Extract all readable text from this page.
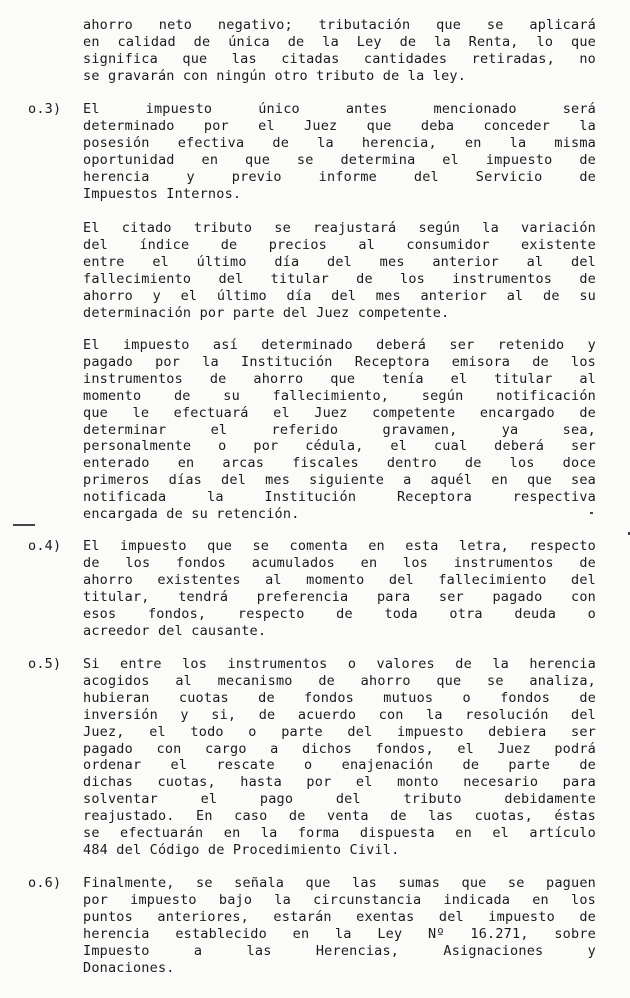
ahorro neto negativo; tributación que se aplicará
en calidad de única de la Ley de la Renta, lo que
significa que las citadas cantidades retiradas, no
se gravarán con ningún otro tributo de la ley.
o.3)	El impuesto único antes mencionado será
determinado por el Juez que deba conceder la
posesión efectiva de la herencia, en la misma
oportunidad en que se determina el impuesto de
herencia y previo informe del Servicio de
Impuestos Internos.
El citado tributo se reajustará según la variación
del índice de precios al consumidor existente
entre el último día del mes anterior al del
fallecimiento del titular de los instrumentos de
ahorro y el último día del mes anterior al de su
determinación por parte del Juez competente.
El impuesto así determinado deberá ser retenido y
pagado por la Institución Receptora emisora de los
instrumentos de ahorro que tenía el titular al
momento de su fallecimiento, según notificación
que le efectuará el Juez competente encargado de
determinar el referido gravamen, ya sea,
personalmente o por cédula, el cual deberá ser
enterado en arcas fiscales dentro de los doce
primeros días del mes siguiente a aquél en que sea
notificada la Institución Receptora respectiva
encargada de su retención.
o.4)	El impuesto que se comenta en esta letra, respecto
de los fondos acumulados en los instrumentos de
ahorro existentes al momento del fallecimiento del
titular, tendrá preferencia para ser pagado con
esos fondos, respecto de toda otra deuda o
acreedor del causante.
o.5)	Si entre los instrumentos o valores de la herencia
acogidos al mecanismo de ahorro que se analiza,
hubieran cuotas de fondos mutuos o fondos de
inversión y si, de acuerdo con la resolución del
Juez, el todo o parte del impuesto debiera ser
pagado con cargo a dichos fondos, el Juez podrá
ordenar el rescate o enajenación de parte de
dichas cuotas, hasta por el monto necesario para
solventar el pago del tributo debidamente
reajustado. En caso de venta de las cuotas, éstas
se efectuarán en la forma dispuesta en el artículo
484 del Código de Procedimiento Civil.
o.6)	Finalmente, se señala que las sumas que se paguen
por impuesto bajo la circunstancia indicada en los
puntos anteriores, estarán exentas del impuesto de
herencia establecido en la Ley Nº 16.271, sobre
Impuesto a las Herencias, Asignaciones y
Donaciones.
